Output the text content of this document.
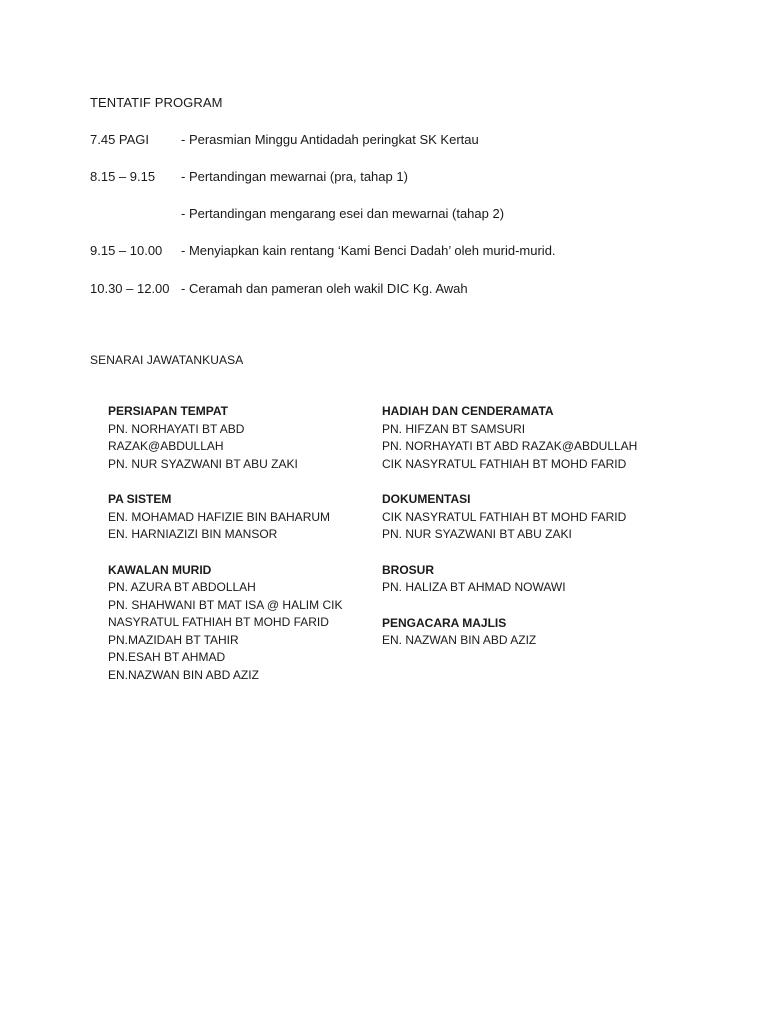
TENTATIF PROGRAM
7.45 PAGI - Perasmian Minggu Antidadah peringkat SK Kertau
8.15 – 9.15 - Pertandingan mewarnai (pra, tahap 1)
- Pertandingan mengarang esei dan mewarnai (tahap 2)
9.15 – 10.00 - Menyiapkan kain rentang ‘Kami Benci Dadah’ oleh murid-murid.
10.30 – 12.00 - Ceramah dan pameran oleh wakil DIC Kg. Awah
SENARAI JAWATANKUASA
PERSIAPAN TEMPAT
PN. NORHAYATI BT ABD
RAZAK@ABDULLAH
PN. NUR SYAZWANI BT ABU ZAKI
PA SISTEM
EN. MOHAMAD HAFIZIE BIN BAHARUM
EN. HARNIAZIZI BIN MANSOR
KAWALAN MURID
PN. AZURA BT ABDOLLAH
PN. SHAHWANI BT MAT ISA @ HALIM CIK
NASYRATUL FATHIAH BT MOHD FARID
PN.MAZIDAH BT TAHIR
PN.ESAH BT AHMAD
EN.NAZWAN BIN ABD AZIZ
HADIAH DAN CENDERAMATA
PN. HIFZAN BT SAMSURI
PN. NORHAYATI BT ABD RAZAK@ABDULLAH
CIK NASYRATUL FATHIAH BT MOHD FARID
DOKUMENTASI
CIK NASYRATUL FATHIAH BT MOHD FARID
PN. NUR SYAZWANI BT ABU ZAKI
BROSUR
PN. HALIZA BT AHMAD NOWAWI
PENGACARA MAJLIS
EN. NAZWAN BIN ABD AZIZ
